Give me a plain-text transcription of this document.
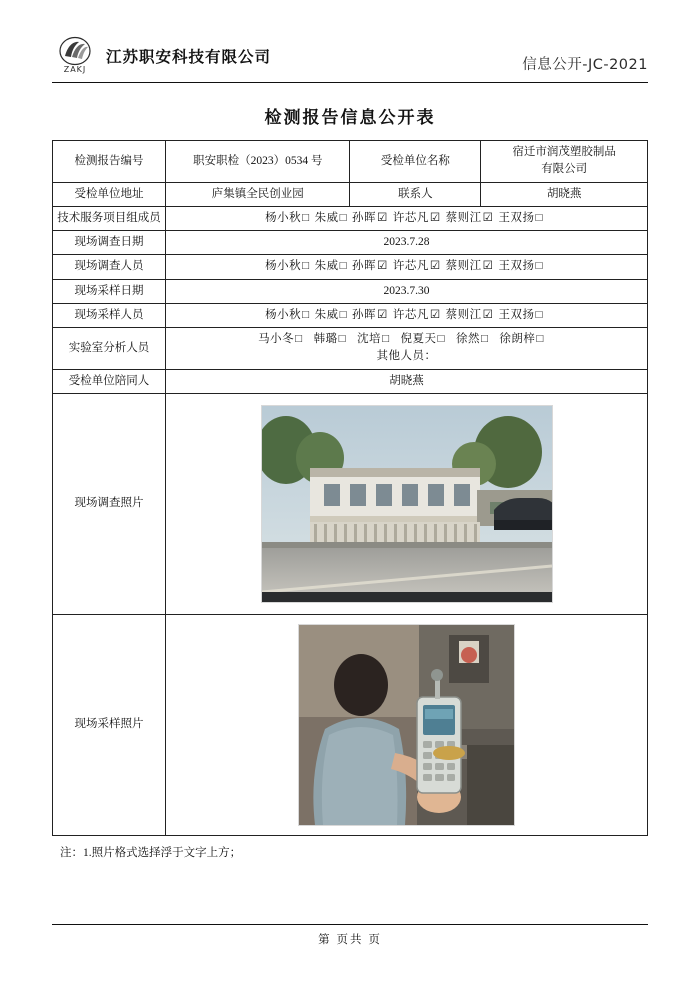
ZAKJ
江苏职安科技有限公司	信息公开-JC-2021
检测报告信息公开表
检测报告编号	职安职检（2023）0534 号	受检单位名称	宿迁市润茂塑胶制品
有限公司

受检单位地址	庐集镇全民创业园	联系人	胡晓燕
技术服务项目组成员	杨小秋□ 朱威□ 孙晖☑ 许芯凡☑ 蔡则江☑ 王双扬□		
现场调查日期	2023.7.28		
现场调查人员	杨小秋□ 朱威□ 孙晖☑ 许芯凡☑ 蔡则江☑ 王双扬□		
现场采样日期	2023.7.30		
现场采样人员	杨小秋□ 朱威□ 孙晖☑ 许芯凡☑ 蔡则江☑ 王双扬□		
实验室分析人员	马小冬□ 韩璐□ 沈培□ 倪夏天□ 徐然□ 徐朗梓□
其他人员：		

受检单位陪同人	胡晓燕		
现场调查照片	

现场采样照片	
注：1.照片格式选择浮于文字上方；
第 页共 页
